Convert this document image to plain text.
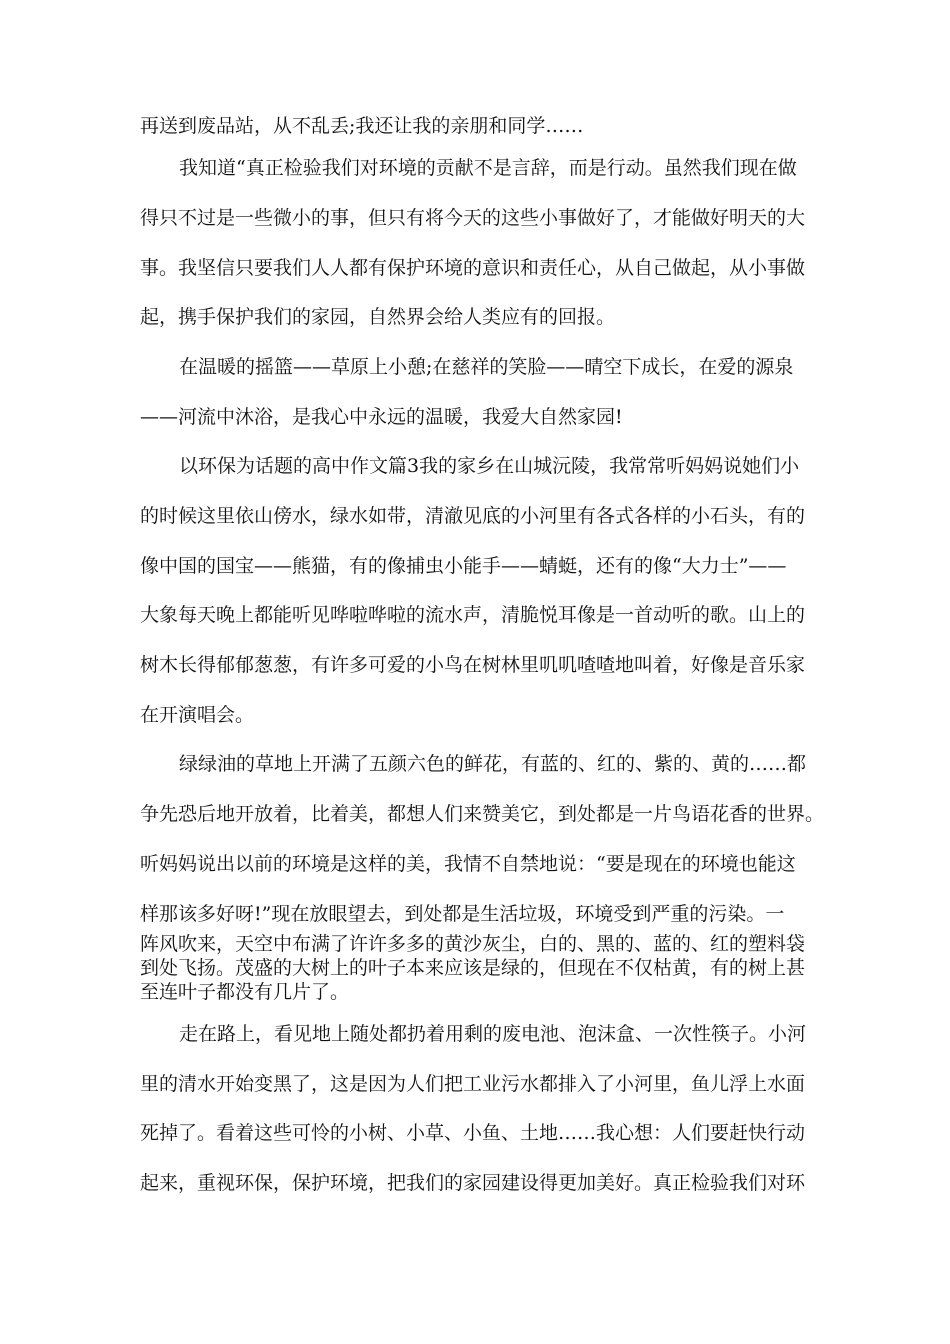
再送到废品站，从不乱丢;我还让我的亲朋和同学……
我知道“真正检验我们对环境的贡献不是言辞，而是行动。虽然我们现在做
得只不过是一些微小的事，但只有将今天的这些小事做好了，才能做好明天的大
事。我坚信只要我们人人都有保护环境的意识和责任心，从自己做起，从小事做
起，携手保护我们的家园，自然界会给人类应有的回报。
在温暖的摇篮——草原上小憩;在慈祥的笑脸——晴空下成长，在爱的源泉
——河流中沐浴，是我心中永远的温暖，我爱大自然家园!
以环保为话题的高中作文篇3我的家乡在山城沅陵，我常常听妈妈说她们小
的时候这里依山傍水，绿水如带，清澈见底的小河里有各式各样的小石头，有的
像中国的国宝——熊猫，有的像捕虫小能手——蜻蜓，还有的像“大力士”——
大象每天晚上都能听见哗啦哗啦的流水声，清脆悦耳像是一首动听的歌。山上的
树木长得郁郁葱葱，有许多可爱的小鸟在树林里叽叽喳喳地叫着，好像是音乐家
在开演唱会。
绿绿油的草地上开满了五颜六色的鲜花，有蓝的、红的、紫的、黄的……都
争先恐后地开放着，比着美，都想人们来赞美它，到处都是一片鸟语花香的世界。
听妈妈说出以前的环境是这样的美，我情不自禁地说：“要是现在的环境也能这
样那该多好呀!”现在放眼望去，到处都是生活垃圾，环境受到严重的污染。一
阵风吹来，天空中布满了许许多多的黄沙灰尘，白的、黑的、蓝的、红的塑料袋
到处飞扬。茂盛的大树上的叶子本来应该是绿的，但现在不仅枯黄，有的树上甚
至连叶子都没有几片了。
走在路上，看见地上随处都扔着用剩的废电池、泡沫盒、一次性筷子。小河
里的清水开始变黑了，这是因为人们把工业污水都排入了小河里，鱼儿浮上水面
死掉了。看着这些可怜的小树、小草、小鱼、土地……我心想：人们要赶快行动
起来，重视环保，保护环境，把我们的家园建设得更加美好。真正检验我们对环
